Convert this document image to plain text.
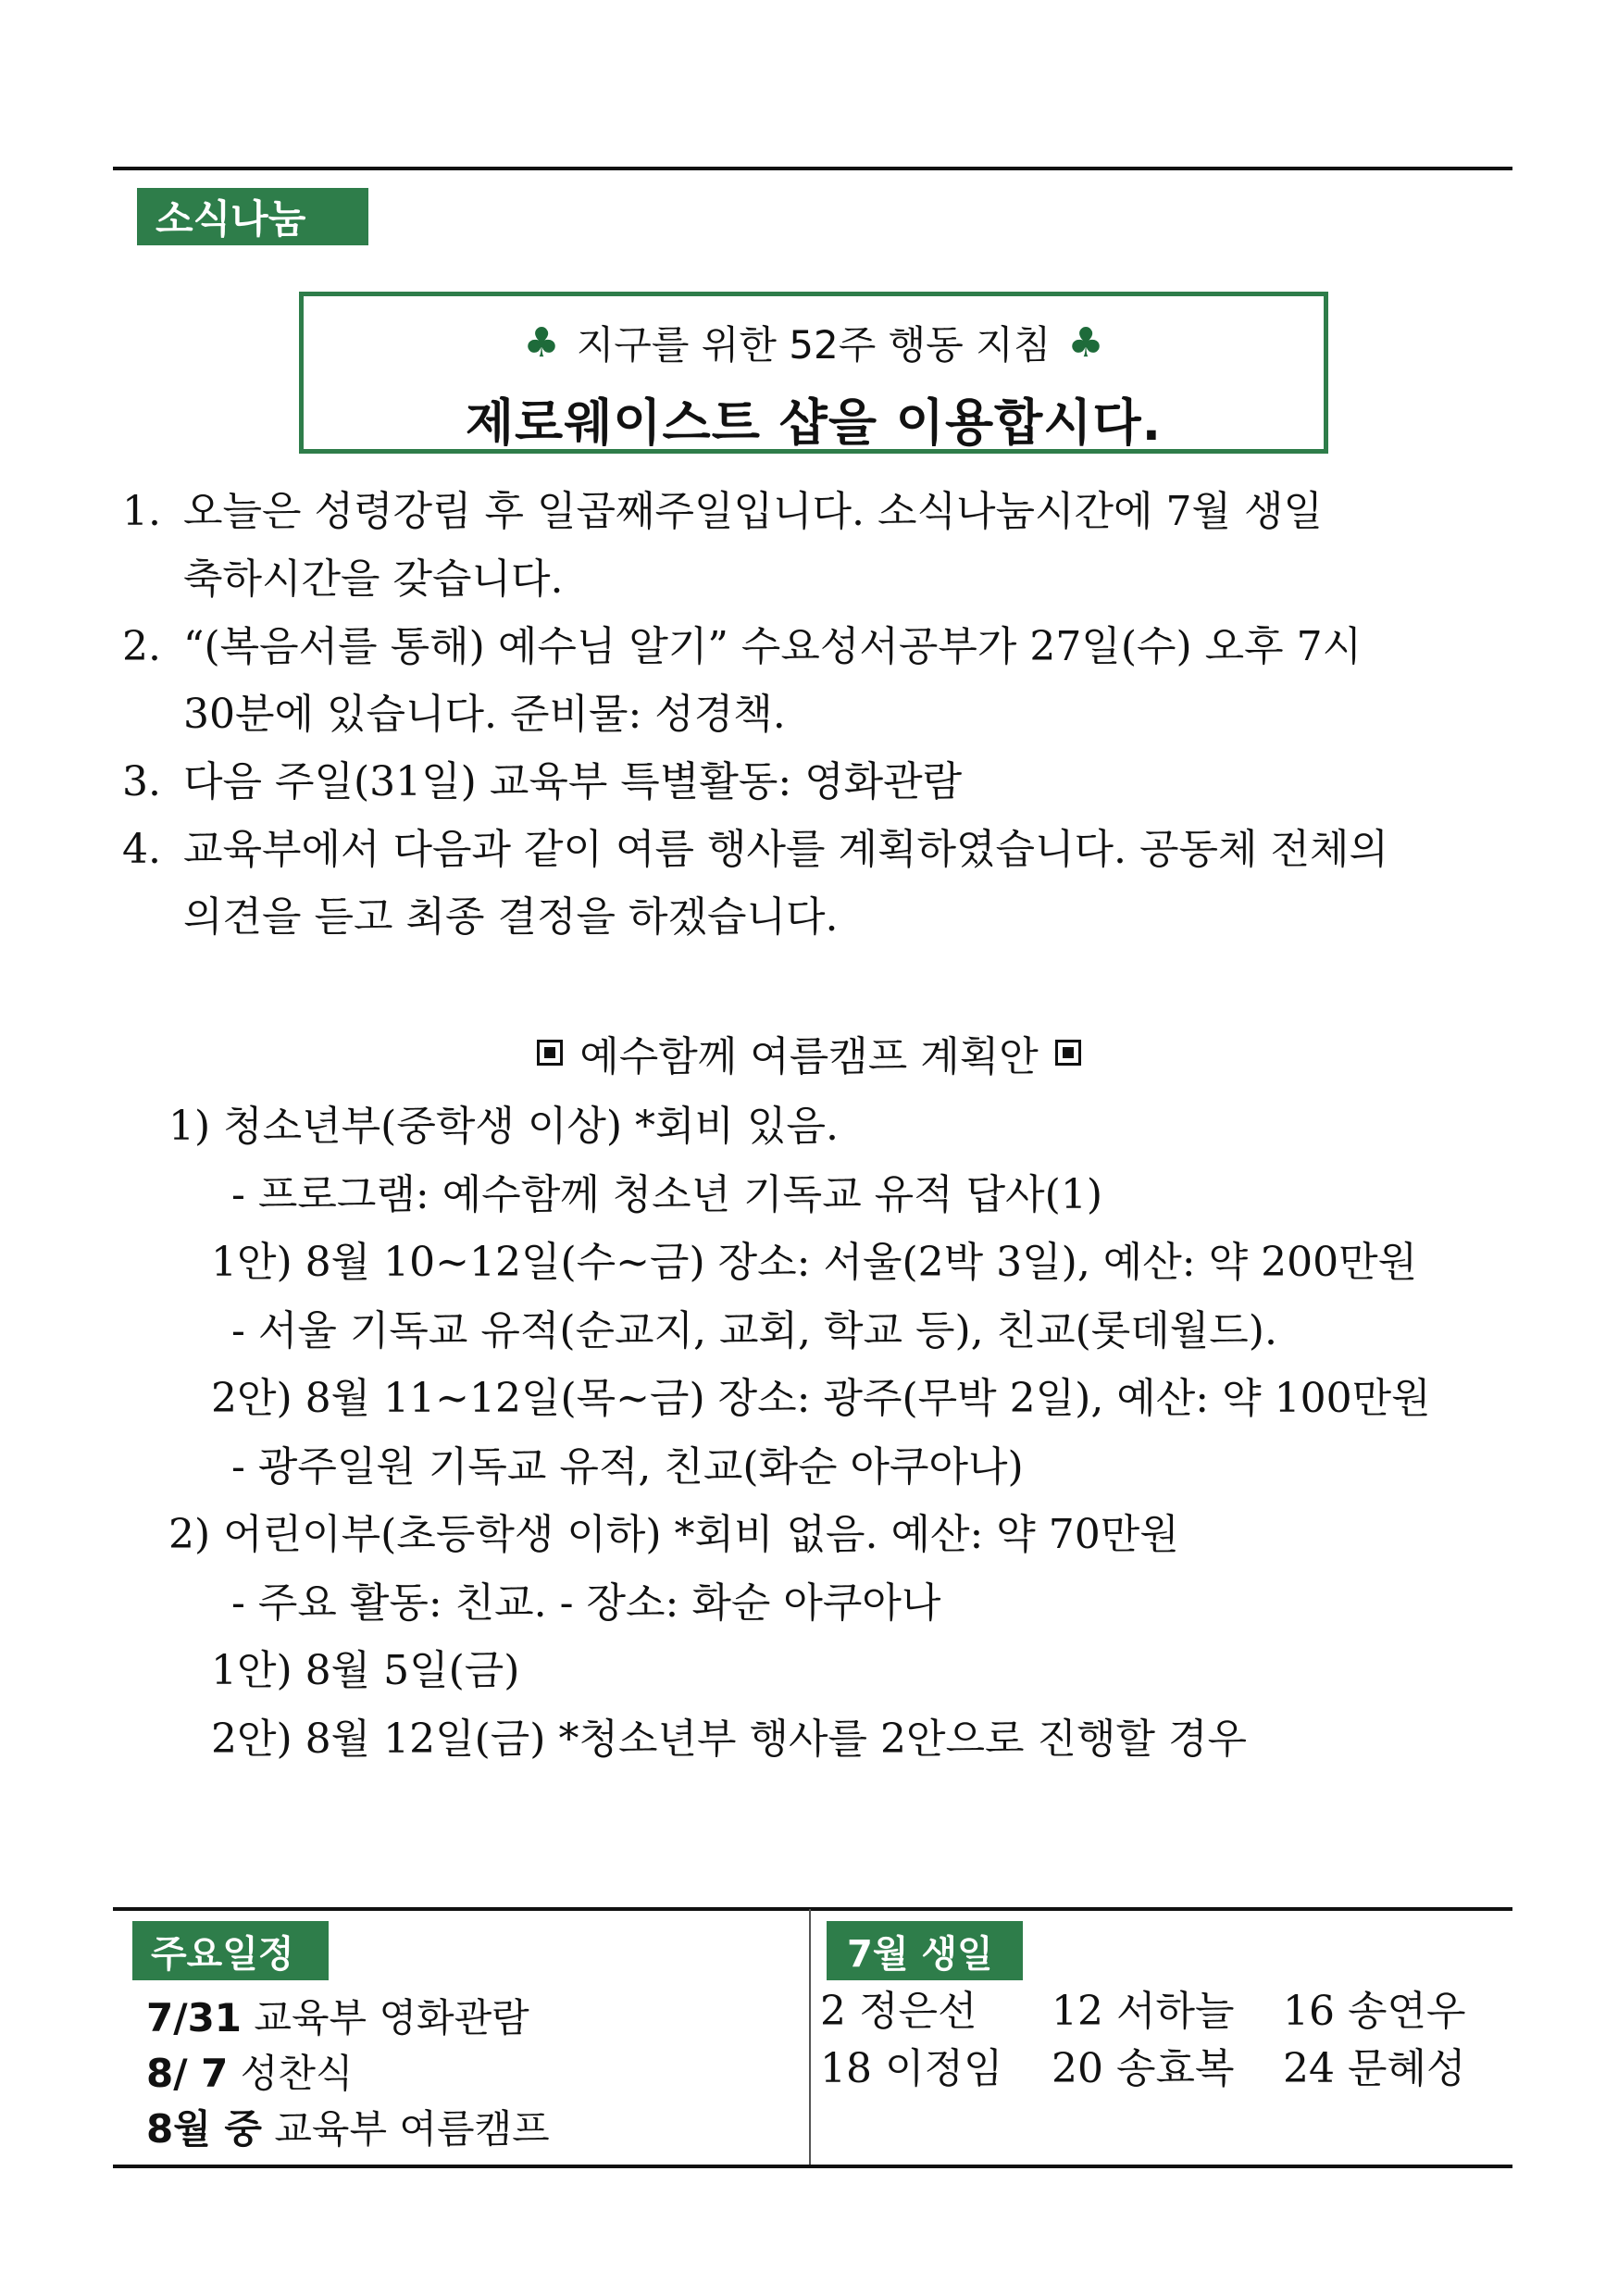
소식나눔
♣ 지구를 위한 52주 행동 지침 ♣
제로웨이스트 샵을 이용합시다.
1. 오늘은 성령강림 후 일곱째주일입니다. 소식나눔시간에 7월 생일
축하시간을 갖습니다.
2. “(복음서를 통해) 예수님 알기” 수요성서공부가 27일(수) 오후 7시
30분에 있습니다. 준비물: 성경책.
3. 다음 주일(31일) 교육부 특별활동: 영화관람
4. 교육부에서 다음과 같이 여름 행사를 계획하였습니다. 공동체 전체의
의견을 듣고 최종 결정을 하겠습니다.
예수함께 여름캠프 계획안
1) 청소년부(중학생 이상) *회비 있음.
- 프로그램: 예수함께 청소년 기독교 유적 답사(1)
1안) 8월 10~12일(수~금) 장소: 서울(2박 3일), 예산: 약 200만원
- 서울 기독교 유적(순교지, 교회, 학교 등), 친교(롯데월드).
2안) 8월 11~12일(목~금) 장소: 광주(무박 2일), 예산: 약 100만원
- 광주일원 기독교 유적, 친교(화순 아쿠아나)
2) 어린이부(초등학생 이하) *회비 없음. 예산: 약 70만원
- 주요 활동: 친교. - 장소: 화순 아쿠아나
1안) 8월 5일(금)
2안) 8월 12일(금) *청소년부 행사를 2안으로 진행할 경우
주요일정
7/31 교육부 영화관람
8/ 7 성찬식
8월 중 교육부 여름캠프
7월 생일
2 정은선	12 서하늘	16 송연우
18 이정임	20 송효복	24 문혜성
